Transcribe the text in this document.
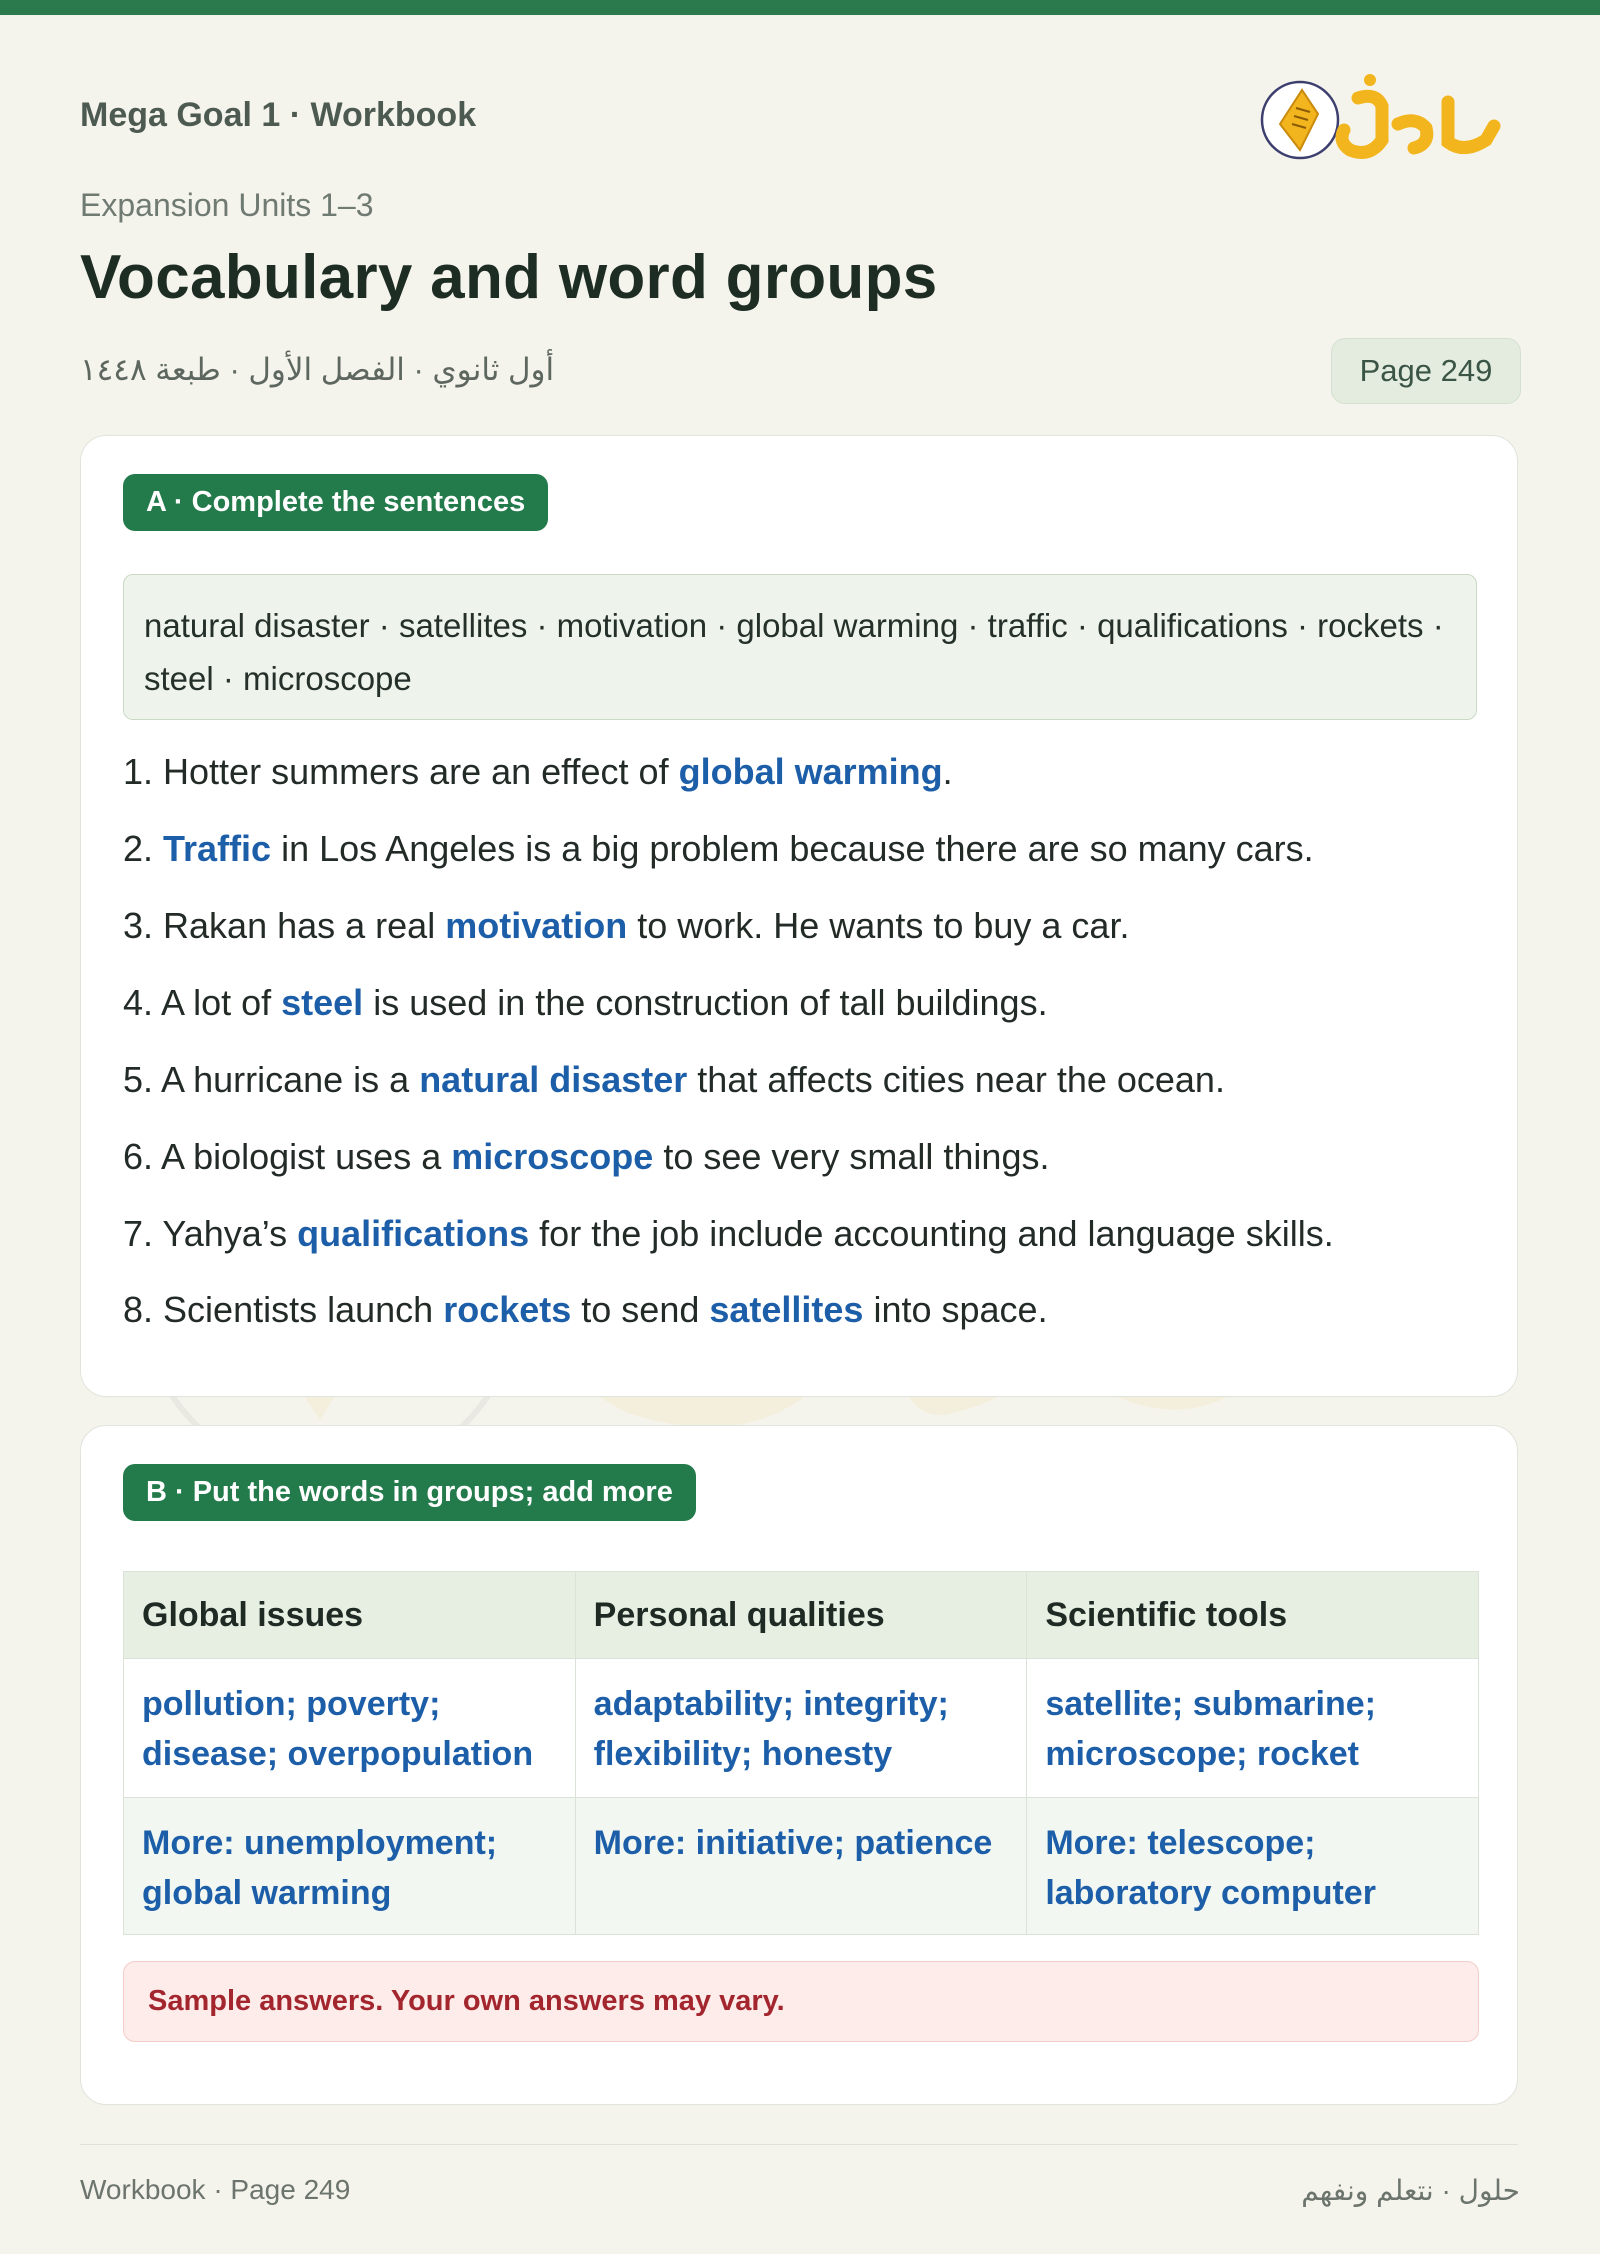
Mega Goal 1 · Workbook
Expansion Units 1–3
Vocabulary and word groups
أول ثانوي · الفصل الأول · طبعة ١٤٤٨	Page 249
A · Complete the sentences
natural disaster · satellites · motivation · global warming · traffic · qualifications · rockets · steel · microscope
1. Hotter summers are an effect of global warming.
2. Traffic in Los Angeles is a big problem because there are so many cars.
3. Rakan has a real motivation to work. He wants to buy a car.
4. A lot of steel is used in the construction of tall buildings.
5. A hurricane is a natural disaster that affects cities near the ocean.
6. A biologist uses a microscope to see very small things.
7. Yahya’s qualifications for the job include accounting and language skills.
8. Scientists launch rockets to send satellites into space.
B · Put the words in groups; add more
Global issues	Personal qualities	Scientific tools
pollution; poverty; disease; overpopulation	adaptability; integrity; flexibility; honesty	satellite; submarine; microscope; rocket
More: unemployment; global warming	More: initiative; patience	More: telescope; laboratory computer
Sample answers. Your own answers may vary.
Workbook · Page 249	حلول · نتعلم ونفهم
